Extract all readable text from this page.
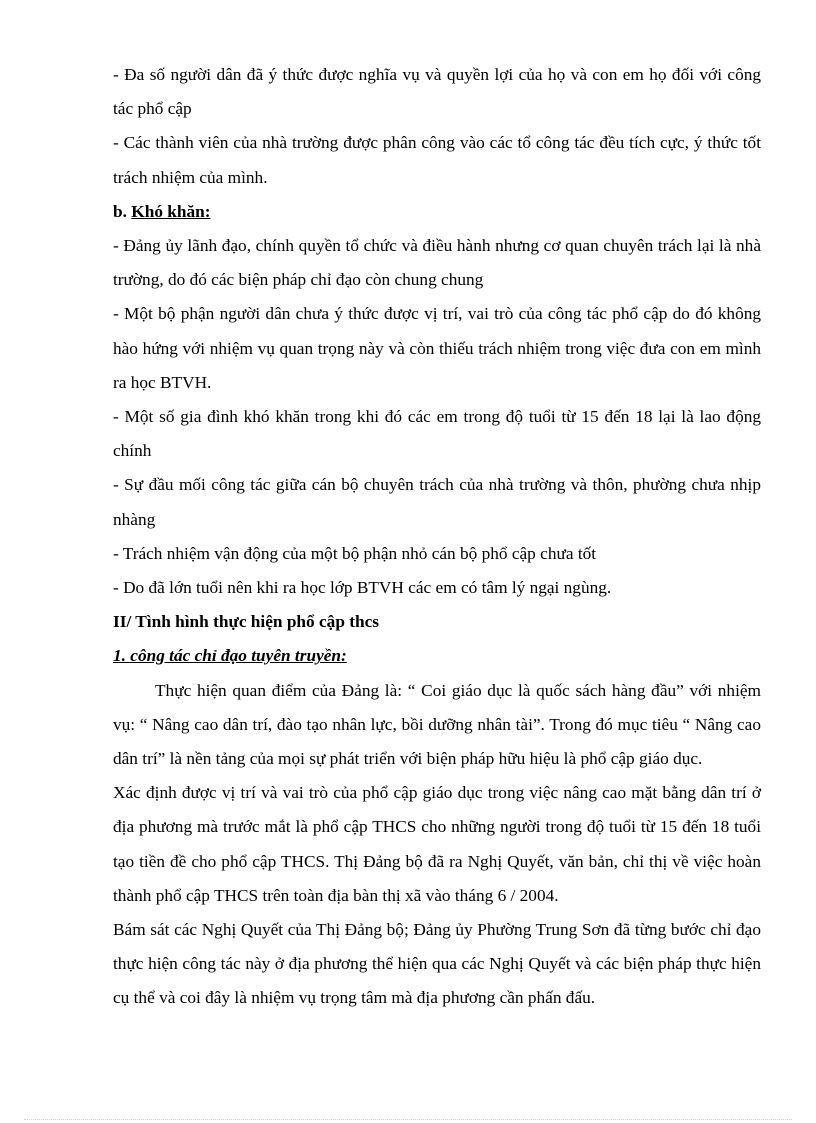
- Đa số người dân đã ý thức được nghĩa vụ và quyền lợi của họ và con em họ đối với công tác phổ cập

- Các thành viên của nhà trường được phân công vào các tổ công tác đều tích cực, ý thức tốt trách nhiệm của mình.

b. Khó khăn:

- Đảng ủy lãnh đạo, chính quyền tổ chức và điều hành nhưng cơ quan chuyên trách lại là nhà trường, do đó các biện pháp chỉ đạo còn chung chung

- Một bộ phận người dân chưa ý thức được vị trí, vai trò của công tác phổ cập do đó không hào hứng với nhiệm vụ quan trọng này và còn thiếu trách nhiệm trong việc đưa con em mình ra học BTVH.

- Một số gia đình khó khăn trong khi đó các em trong độ tuổi từ 15 đến 18 lại là lao động chính

- Sự đầu mối công tác giữa cán bộ chuyên trách của nhà trường và thôn, phường chưa nhịp nhàng

- Trách nhiệm vận động của một bộ phận nhỏ cán bộ phổ cập chưa tốt

- Do đã lớn tuổi nên khi ra học lớp BTVH các em có tâm lý ngại ngùng.

II/ Tình hình thực hiện phổ cập thcs

1. công tác chỉ đạo tuyên truyền:

Thực hiện quan điểm của Đảng là: “ Coi giáo dục là quốc sách hàng đầu” với nhiệm vụ: “ Nâng cao dân trí, đào tạo nhân lực, bồi dưỡng nhân tài”. Trong đó mục tiêu “ Nâng cao dân trí” là nền tảng của mọi sự phát triển với biện pháp hữu hiệu là phổ cập giáo dục.

Xác định được vị trí và vai trò của phổ cập giáo dục trong việc nâng cao mặt bằng dân trí ở địa phương mà trước mắt là phổ cập THCS cho những người trong độ tuổi từ 15 đến 18 tuổi tạo tiền đề cho phổ cập THCS. Thị Đảng bộ đã ra Nghị Quyết, văn bản, chỉ thị về việc hoàn thành phổ cập THCS trên toàn địa bàn thị xã vào tháng 6 / 2004.

Bám sát các Nghị Quyết của Thị Đảng bộ; Đảng ủy Phường Trung Sơn đã từng bước chỉ đạo thực hiện công tác này ở địa phương thể hiện qua các Nghị Quyết và các biện pháp thực hiện cụ thể và coi đây là nhiệm vụ trọng tâm mà địa phương cần phấn đấu.
